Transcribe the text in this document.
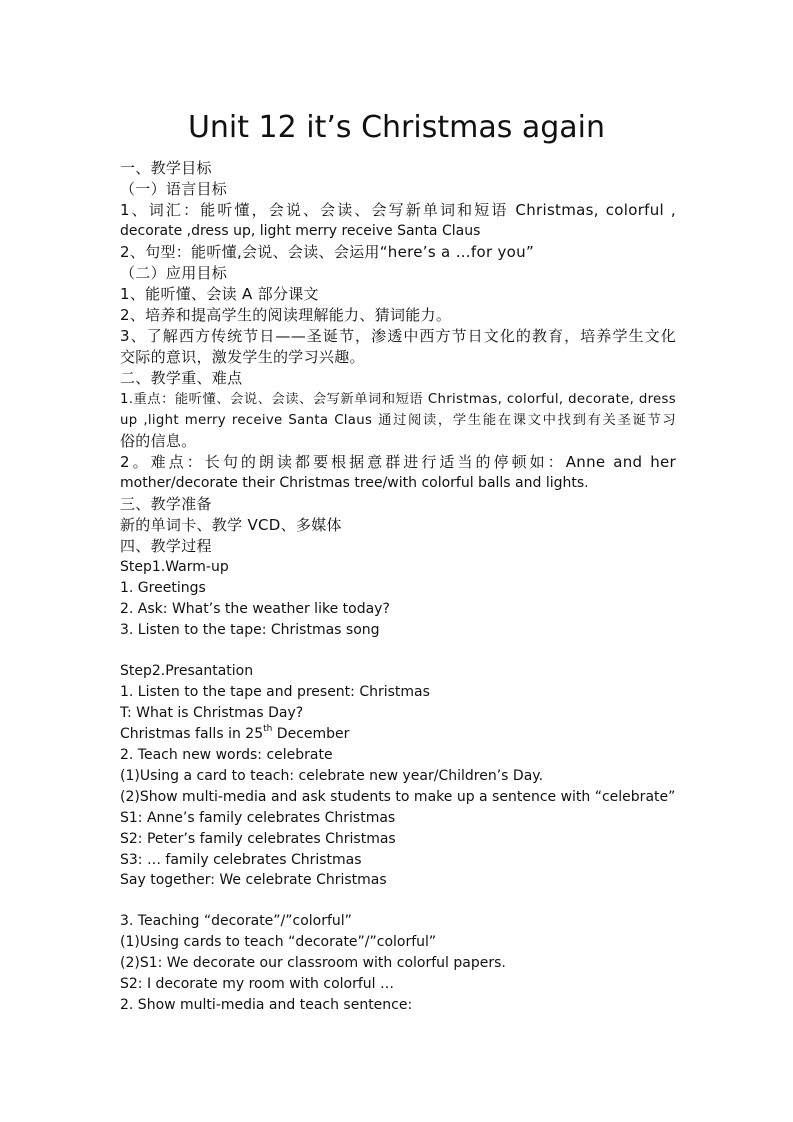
Unit 12 it’s Christmas again
一、教学目标
（一）语言目标
1、词汇：能听懂，会说、会读、会写新单词和短语 Christmas, colorful ,
decorate ,dress up, light merry receive Santa Claus
2、句型：能听懂,会说、会读、会运用“here’s a …for you”
（二）应用目标
1、能听懂、会读 A 部分课文
2、培养和提高学生的阅读理解能力、猜词能力。
3、了解西方传统节日——圣诞节，渗透中西方节日文化的教育，培养学生文化
交际的意识，激发学生的学习兴趣。
二、教学重、难点
1.重点：能听懂、会说、会读、会写新单词和短语 Christmas, colorful, decorate, dress
up ,light merry receive Santa Claus 通过阅读，学生能在课文中找到有关圣诞节习
俗的信息。
2。难点：长句的朗读都要根据意群进行适当的停顿如：Anne and her
mother/decorate their Christmas tree/with colorful balls and lights.
三、教学准备
新的单词卡、教学 VCD、多媒体
四、教学过程
Step1.Warm-up
1. Greetings
2. Ask: What’s the weather like today?
3. Listen to the tape: Christmas song
Step2.Presantation
1. Listen to the tape and present: Christmas
T: What is Christmas Day?
Christmas falls in 25th December
2. Teach new words: celebrate
(1)Using a card to teach: celebrate new year/Children’s Day.
(2)Show multi-media and ask students to make up a sentence with “celebrate”
S1: Anne’s family celebrates Christmas
S2: Peter’s family celebrates Christmas
S3: … family celebrates Christmas
Say together: We celebrate Christmas
3. Teaching “decorate”/”colorful”
(1)Using cards to teach “decorate”/”colorful”
(2)S1: We decorate our classroom with colorful papers.
S2: I decorate my room with colorful …
2. Show multi-media and teach sentence:
